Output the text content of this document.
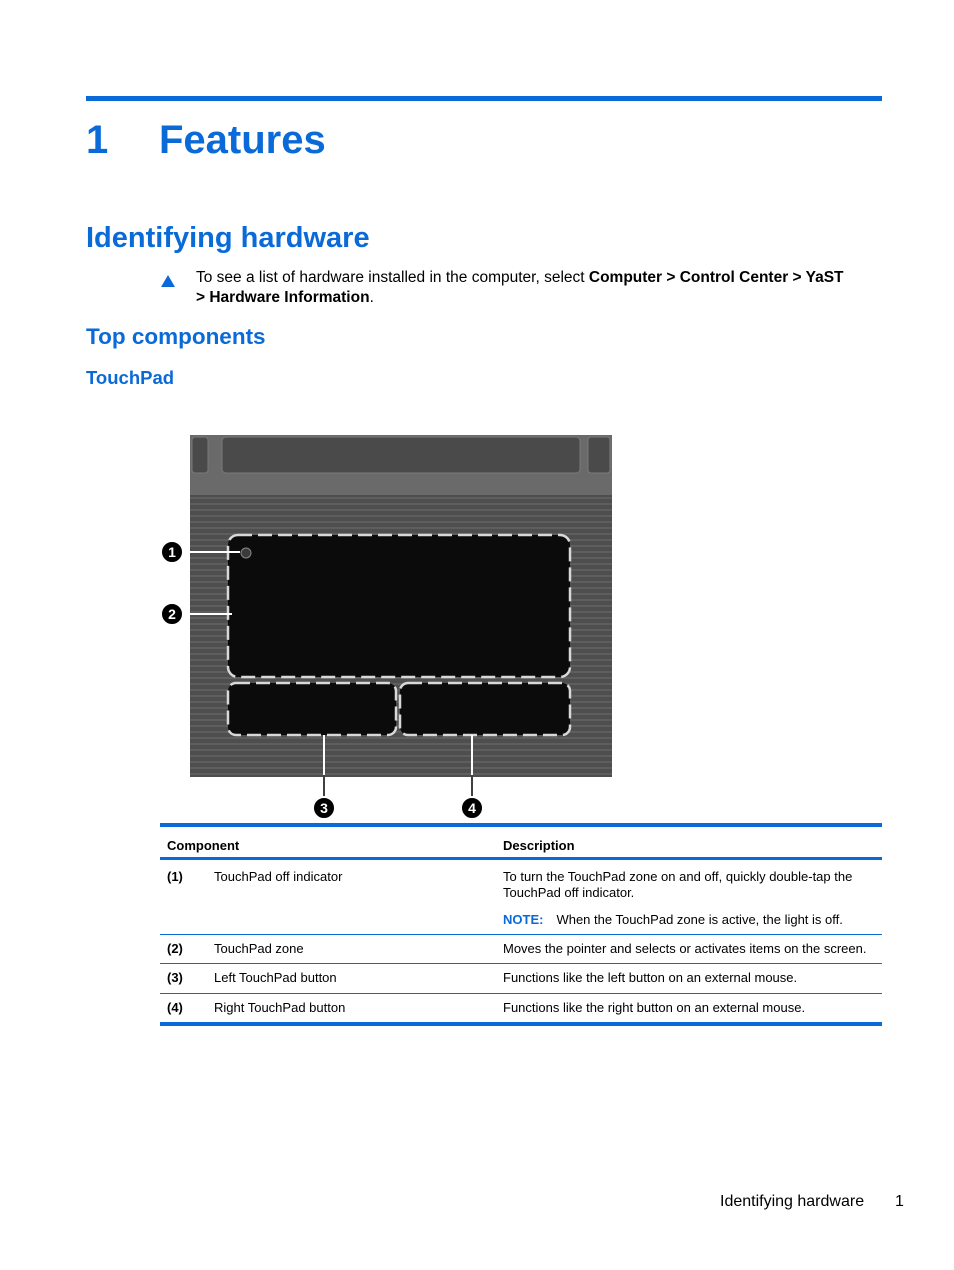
1 Features
Identifying hardware
To see a list of hardware installed in the computer, select Computer > Control Center > YaST > Hardware Information.
Top components
TouchPad
1
2
3	4
Component	Description
(1) TouchPad off indicator	To turn the TouchPad zone on and off, quickly double-tap the TouchPad off indicator.
NOTE: When the TouchPad zone is active, the light is off.
(2) TouchPad zone	Moves the pointer and selects or activates items on the screen.
(3) Left TouchPad button	Functions like the left button on an external mouse.
(4) Right TouchPad button	Functions like the right button on an external mouse.
Identifying hardware 1
